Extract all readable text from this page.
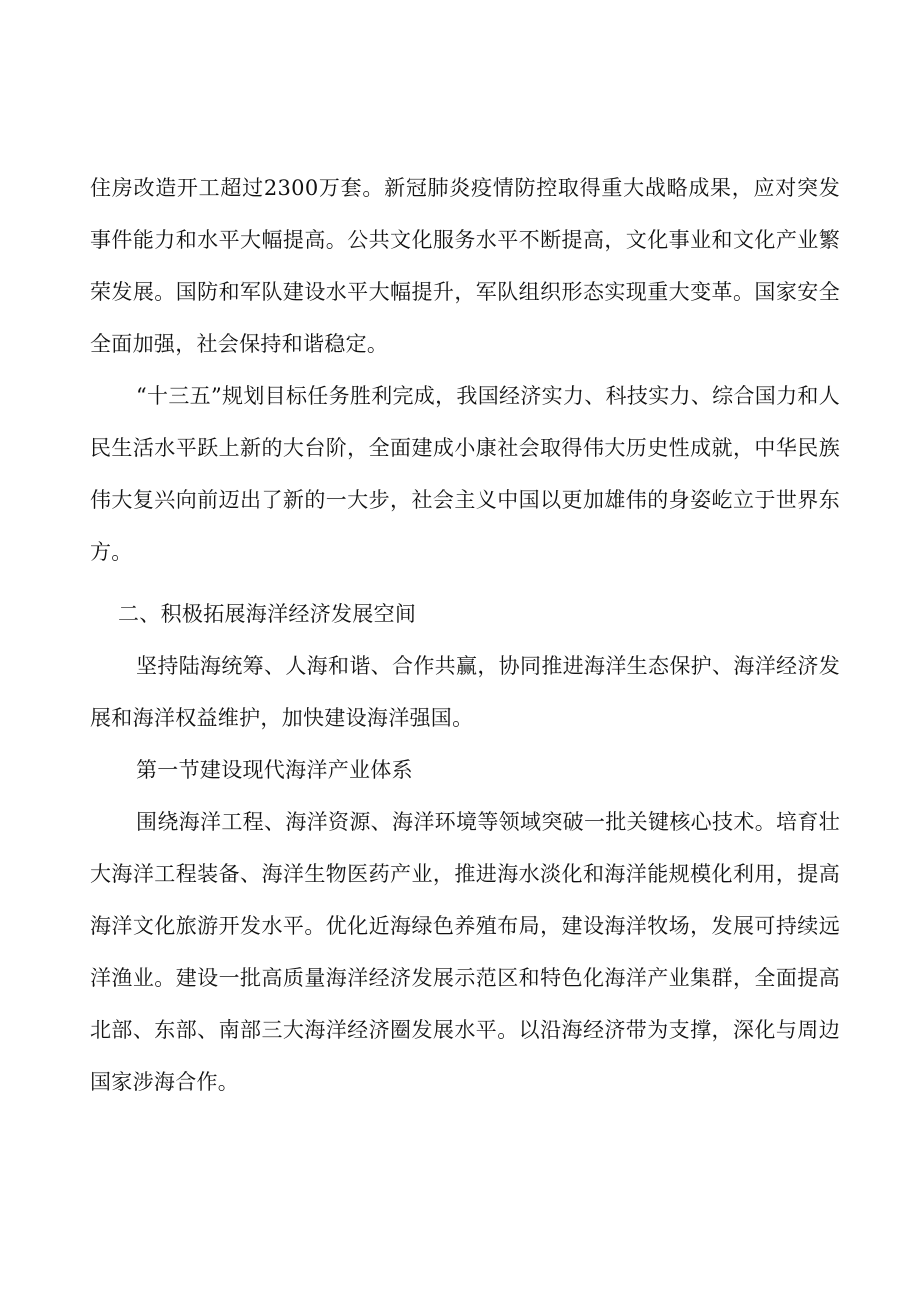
住房改造开工超过2300万套。新冠肺炎疫情防控取得重大战略成果，应对突发事件能力和水平大幅提高。公共文化服务水平不断提高，文化事业和文化产业繁荣发展。国防和军队建设水平大幅提升，军队组织形态实现重大变革。国家安全全面加强，社会保持和谐稳定。

“十三五”规划目标任务胜利完成，我国经济实力、科技实力、综合国力和人民生活水平跃上新的大台阶，全面建成小康社会取得伟大历史性成就，中华民族伟大复兴向前迈出了新的一大步，社会主义中国以更加雄伟的身姿屹立于世界东方。

二、积极拓展海洋经济发展空间

坚持陆海统筹、人海和谐、合作共赢，协同推进海洋生态保护、海洋经济发展和海洋权益维护，加快建设海洋强国。

第一节建设现代海洋产业体系

围绕海洋工程、海洋资源、海洋环境等领域突破一批关键核心技术。培育壮大海洋工程装备、海洋生物医药产业，推进海水淡化和海洋能规模化利用，提高海洋文化旅游开发水平。优化近海绿色养殖布局，建设海洋牧场，发展可持续远洋渔业。建设一批高质量海洋经济发展示范区和特色化海洋产业集群，全面提高北部、东部、南部三大海洋经济圈发展水平。以沿海经济带为支撑，深化与周边国家涉海合作。
